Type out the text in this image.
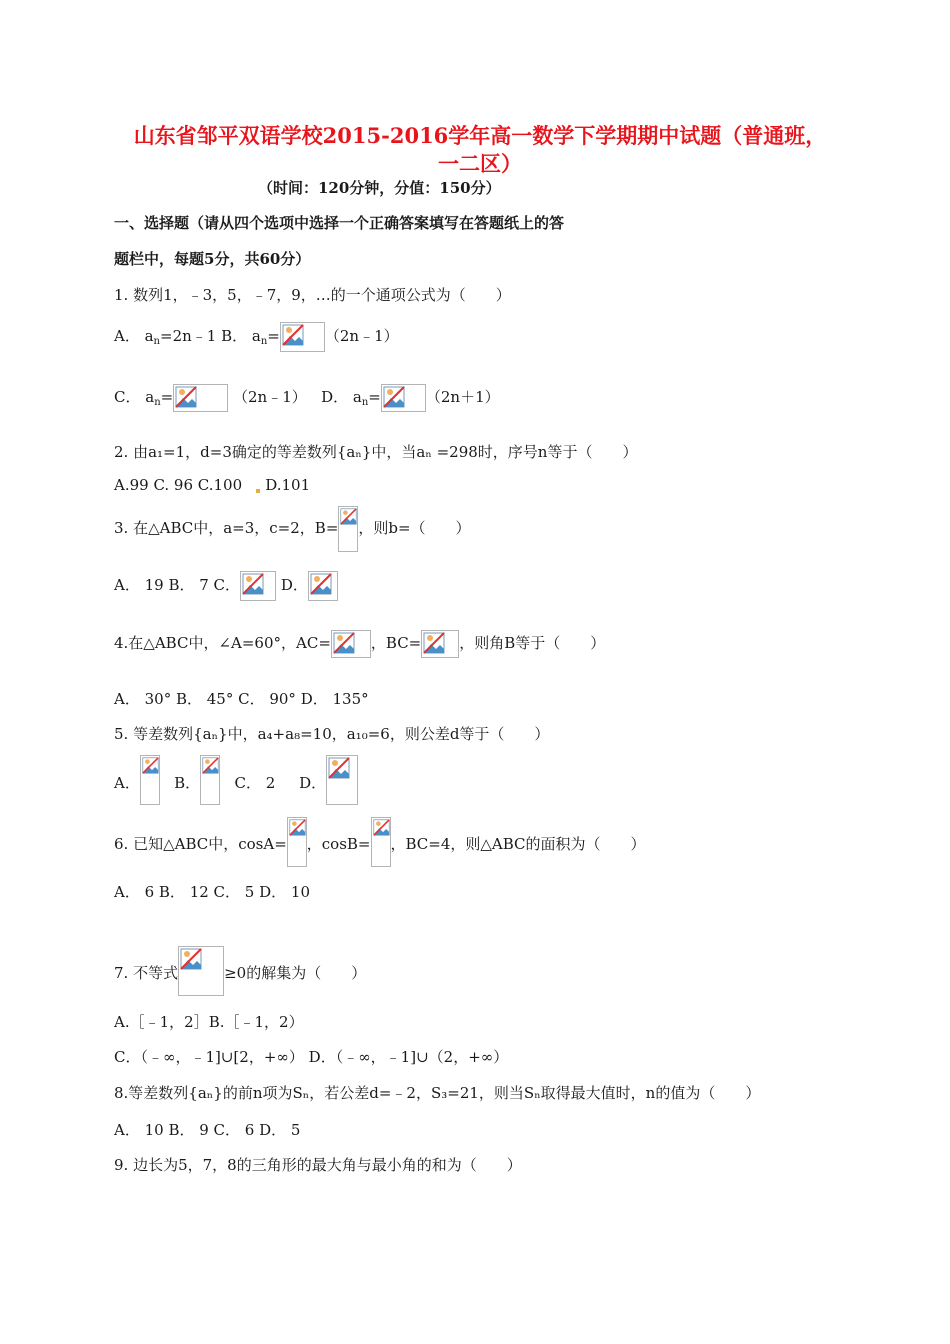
山东省邹平双语学校2015-2016学年高一数学下学期期中试题（普通班，
一二区）
（时间：120分钟，分值：150分）
一、选择题（请从四个选项中选择一个正确答案填写在答题纸上的答
题栏中，每题5分，共60分）
1. 数列1，﹣3，5，﹣7，9，…的一个通项公式为（　　）
A． $a_n=2n﹣1$ B． $a_n=$	（2n﹣1）
C． $a_n=$	（2n﹣1） D． $a_n=$	（2n＋1）
2. 由a₁=1，d=3确定的等差数列{aₙ}中，当aₙ =298时，序号n等于（　　）
A.99 C. 96 C.100 D.101
3. 在△ABC中，a=3，c=2，B= ，则b=（　　）
A． 19 B． 7 C．	D．
4.在△ABC中，∠A=60°，AC=	，BC=	，则角B等于（　　）
A． 30° B． 45° C． 90° D． 135°
5. 等差数列{aₙ}中，a₄+a₈=10，a₁₀=6，则公差d等于（　　）
A． B． C． 2 D．
6. 已知△ABC中，cosA= ，cosB= ，BC=4，则△ABC的面积为（　　）
A． 6 B． 12 C． 5 D． 10
7. 不等式	≥0的解集为（　　）
A.［﹣1，2］B.［﹣1，2）
C．（﹣∞，﹣1]∪[2，+∞） D．（﹣∞，﹣1]∪（2，+∞）
8.等差数列{aₙ}的前n项为Sₙ，若公差d=﹣2，S₃=21，则当Sₙ取得最大值时，n的值为（　　）
A． 10 B． 9 C． 6 D． 5
9. 边长为5，7，8的三角形的最大角与最小角的和为（　　）
